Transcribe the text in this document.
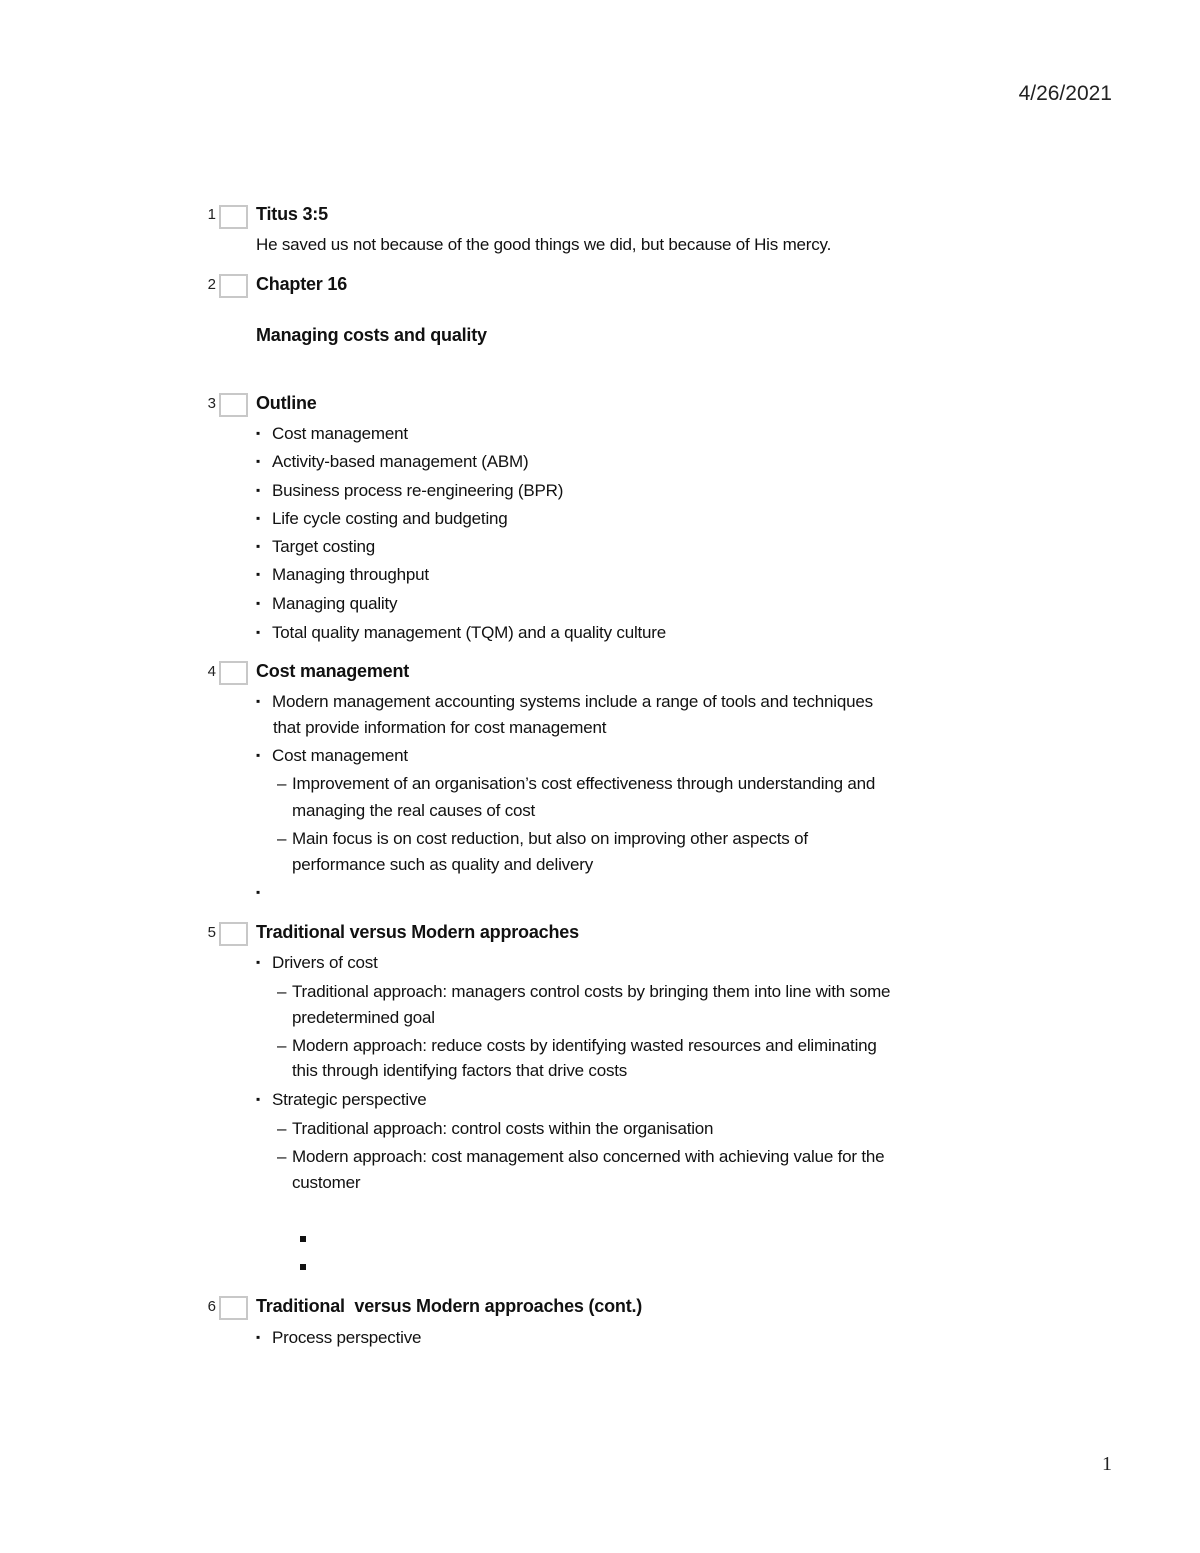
4/26/2021
1
1 Titus 3:5
He saved us not because of the good things we did, but because of His mercy.
2 Chapter 16
Managing costs and quality
3 Outline
▪ Cost management
▪ Activity-based management (ABM)
▪ Business process re-engineering (BPR)
▪ Life cycle costing and budgeting
▪ Target costing
▪ Managing throughput
▪ Managing quality
▪ Total quality management (TQM) and a quality culture
4 Cost management
▪ Modern management accounting systems include a range of tools and techniques
that provide information for cost management
▪ Cost management
– Improvement of an organisation’s cost effectiveness through understanding and
managing the real causes of cost
– Main focus is on cost reduction, but also on improving other aspects of
performance such as quality and delivery
▪
5 Traditional versus Modern approaches
▪ Drivers of cost
– Traditional approach: managers control costs by bringing them into line with some
predetermined goal
– Modern approach: reduce costs by identifying wasted resources and eliminating
this through identifying factors that drive costs
▪ Strategic perspective
– Traditional approach: control costs within the organisation
– Modern approach: cost management also concerned with achieving value for the
customer
6 Traditional  versus Modern approaches (cont.)
▪ Process perspective
